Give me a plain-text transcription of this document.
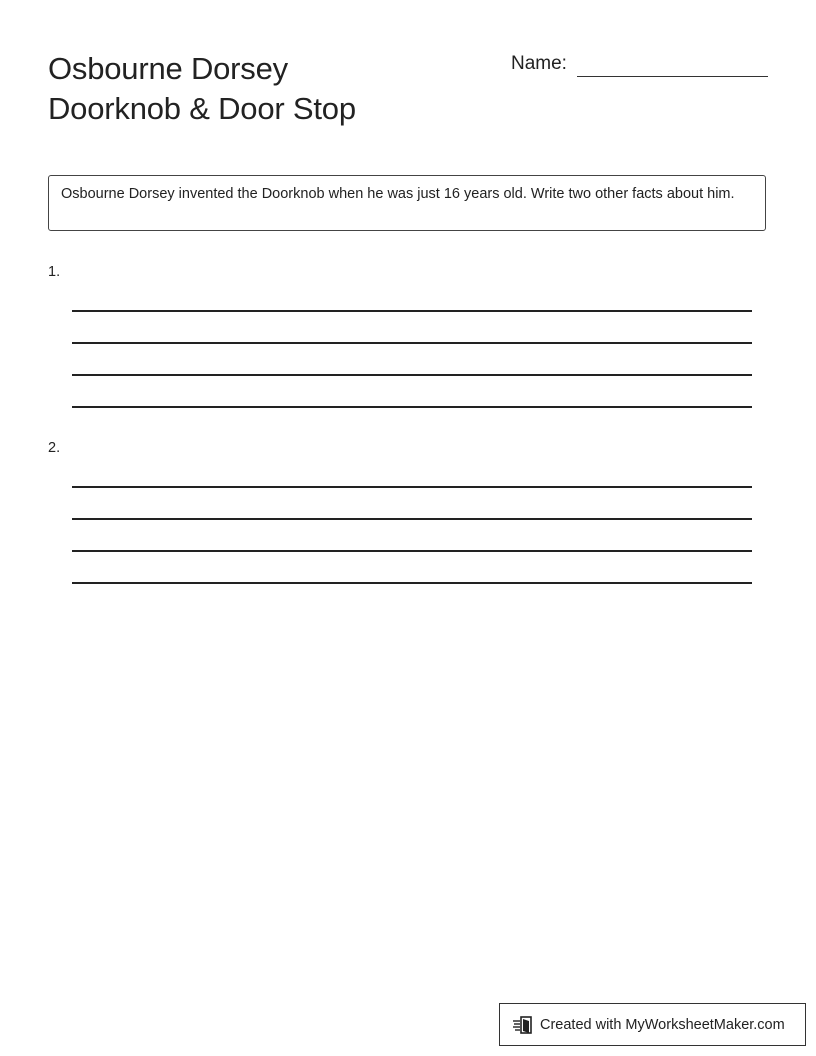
Osbourne Dorsey
Doorknob & Door Stop
Name:
Osbourne Dorsey invented the Doorknob when he was just 16 years old. Write two other facts about him.
1.
2.
Created with MyWorksheetMaker.com
